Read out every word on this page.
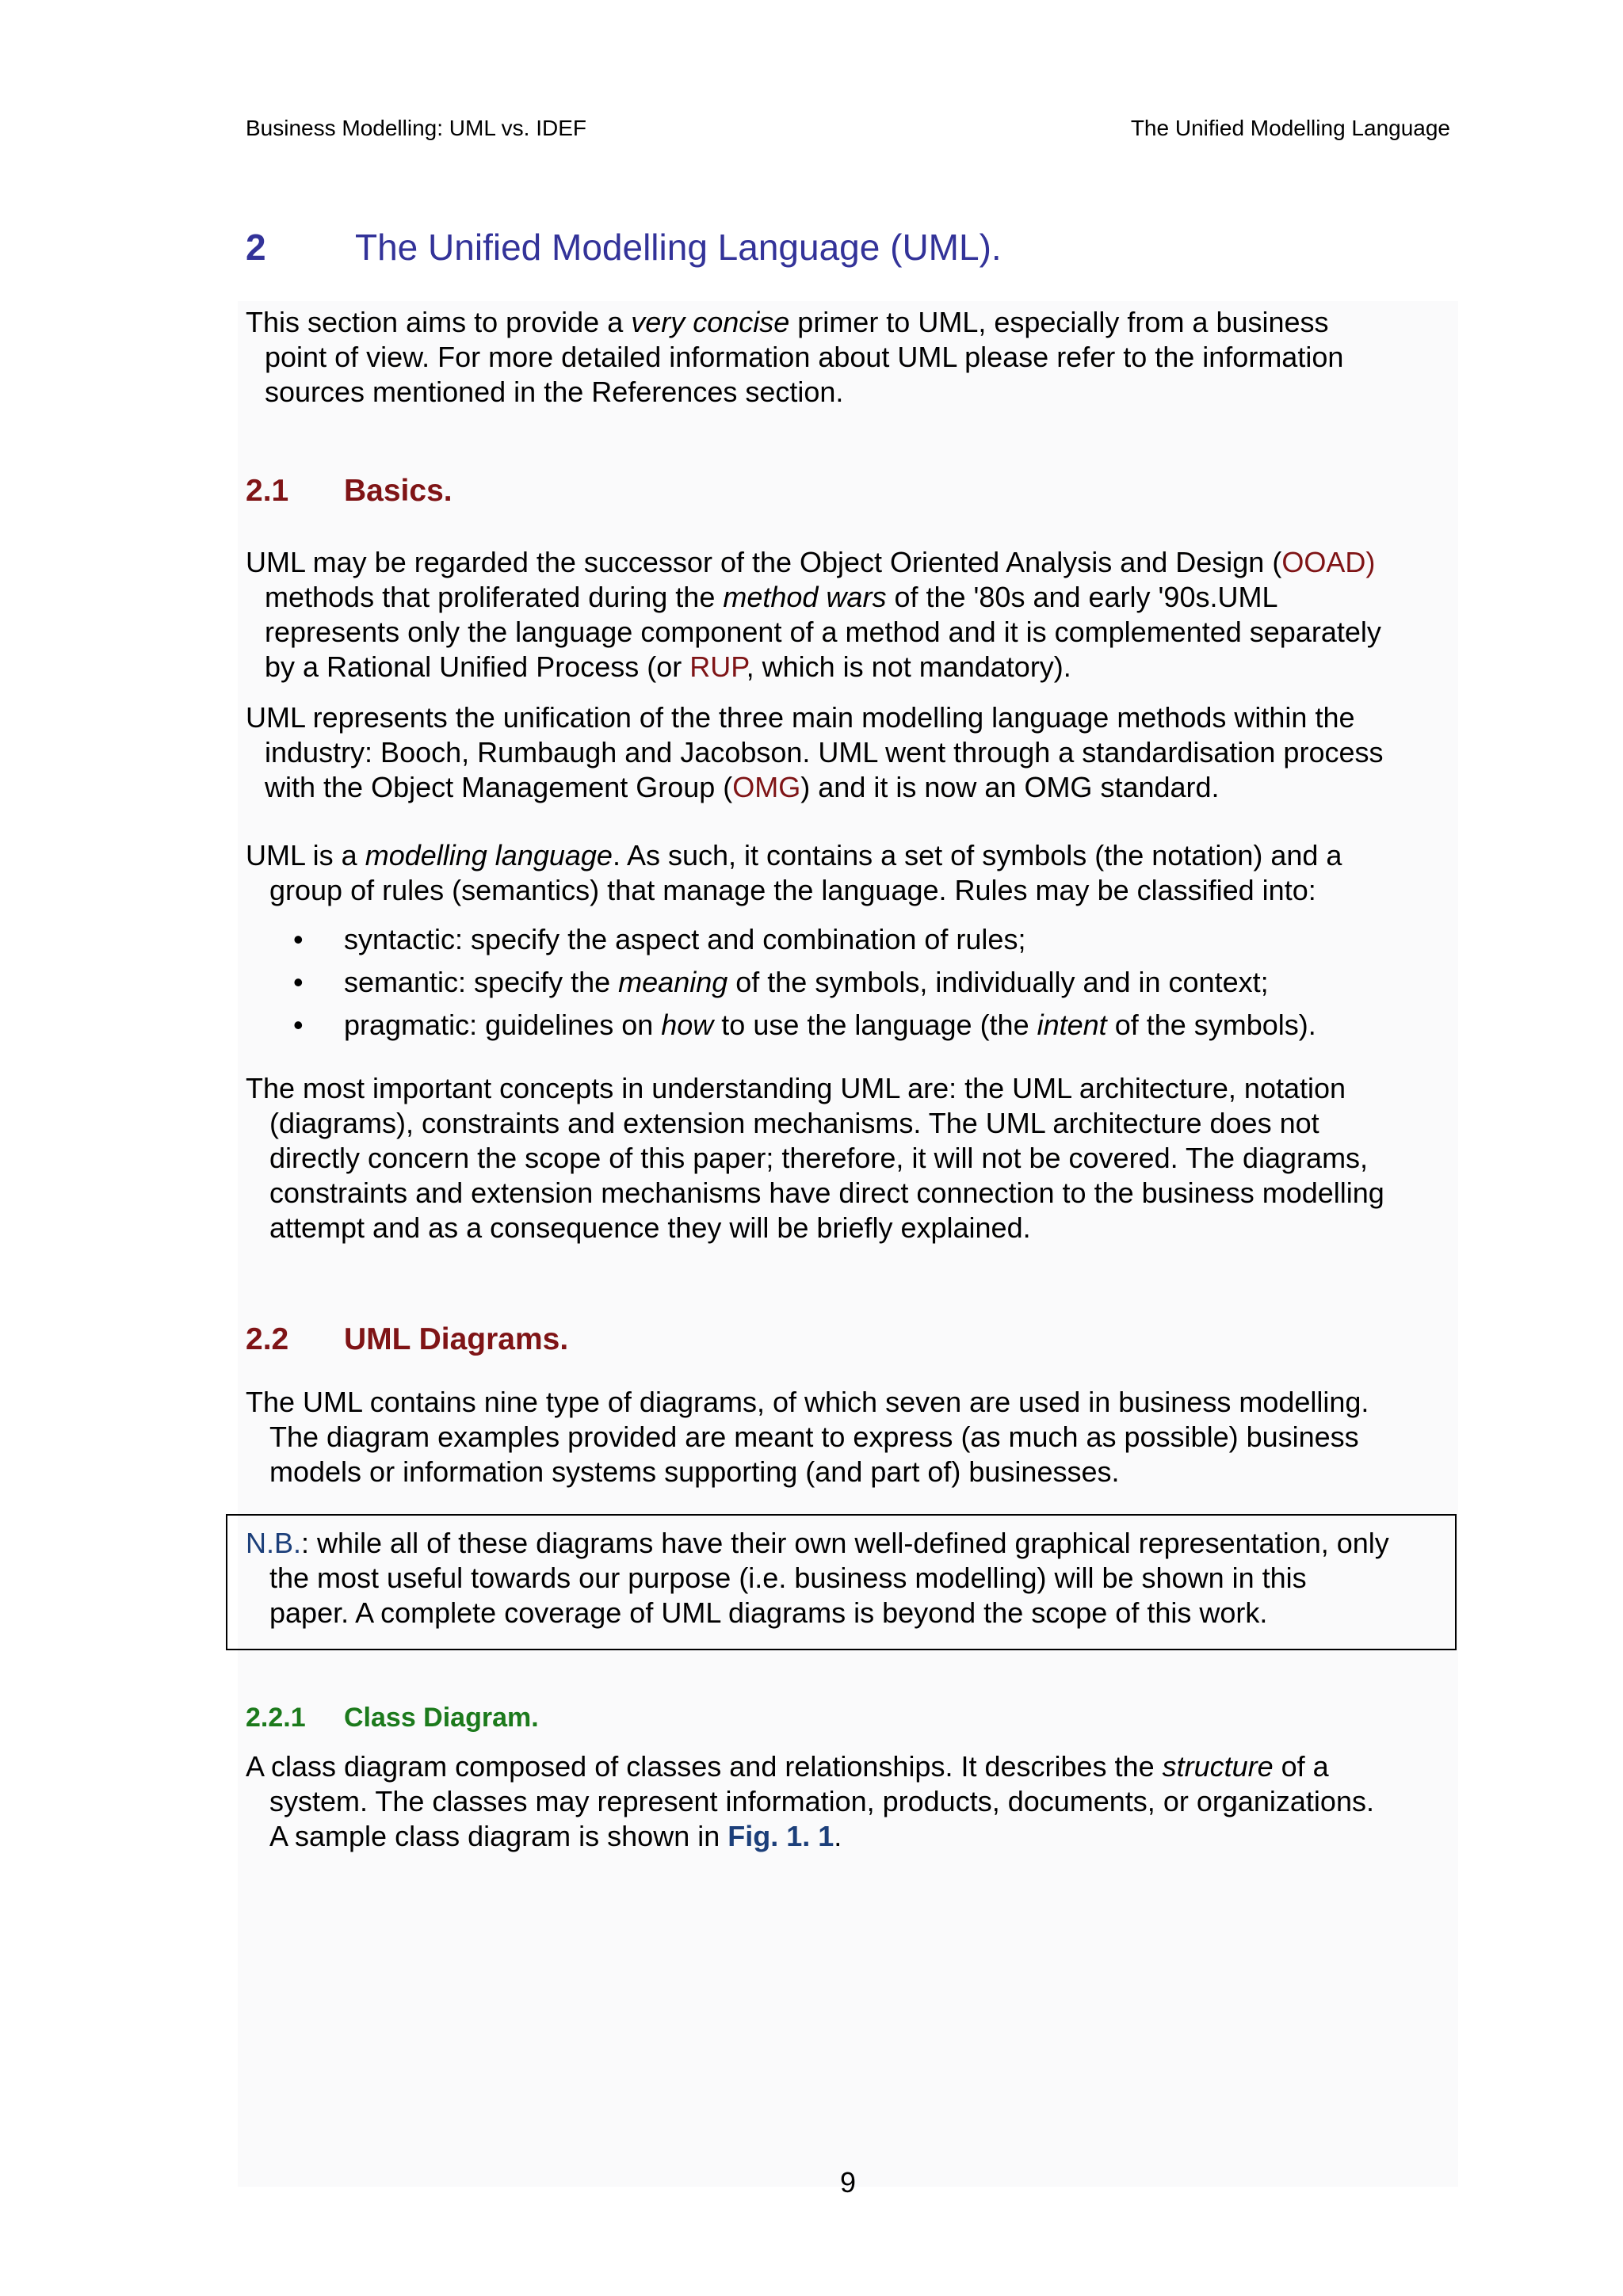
Business Modelling: UML vs. IDEF	The Unified Modelling Language
2 The Unified Modelling Language (UML).
This section aims to provide a very concise primer to UML, especially from a business
point of view. For more detailed information about UML please refer to the information
sources mentioned in the References section.
2.1 Basics.
UML may be regarded the successor of the Object Oriented Analysis and Design (OOAD)
methods that proliferated during the method wars of the '80s and early '90s.UML
represents only the language component of a method and it is complemented separately
by a Rational Unified Process (or RUP, which is not mandatory).
UML represents the unification of the three main modelling language methods within the
industry: Booch, Rumbaugh and Jacobson. UML went through a standardisation process
with the Object Management Group (OMG) and it is now an OMG standard.
UML is a modelling language. As such, it contains a set of symbols (the notation) and a
group of rules (semantics) that manage the language. Rules may be classified into:
• syntactic: specify the aspect and combination of rules;
• semantic: specify the meaning of the symbols, individually and in context;
• pragmatic: guidelines on how to use the language (the intent of the symbols).
The most important concepts in understanding UML are: the UML architecture, notation
(diagrams), constraints and extension mechanisms. The UML architecture does not
directly concern the scope of this paper; therefore, it will not be covered. The diagrams,
constraints and extension mechanisms have direct connection to the business modelling
attempt and as a consequence they will be briefly explained.
2.2 UML Diagrams.
The UML contains nine type of diagrams, of which seven are used in business modelling.
The diagram examples provided are meant to express (as much as possible) business
models or information systems supporting (and part of) businesses.
N.B.: while all of these diagrams have their own well-defined graphical representation, only
the most useful towards our purpose (i.e. business modelling) will be shown in this
paper. A complete coverage of UML diagrams is beyond the scope of this work.
2.2.1 Class Diagram.
A class diagram composed of classes and relationships. It describes the structure of a
system. The classes may represent information, products, documents, or organizations.
A sample class diagram is shown in Fig. 1. 1.
9
